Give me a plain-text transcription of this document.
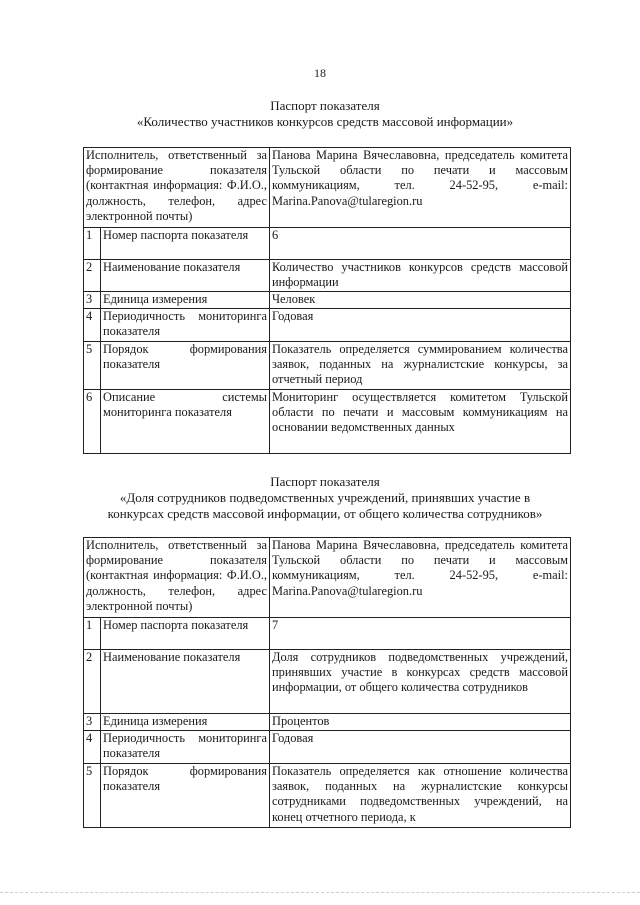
18
Паспорт показателя
«Количество участников конкурсов средств массовой информации»
Исполнитель, ответственный за формирование показателя (контактная информация: Ф.И.О., должность, телефон, адрес электронной почты)		Панова Марина Вячеславовна, председатель комитета Тульской области по печати и массовым коммуникациям, тел. 24-52-95, e-mail: Marina.Panova@tularegion.ru
1	Номер паспорта показателя	6
2	Наименование показателя	Количество участников конкурсов средств массовой информации
3	Единица измерения	Человек
4	Периодичность мониторинга показателя	Годовая
5	Порядок формирования показателя	Показатель определяется суммированием количества заявок, поданных на журналистские конкурсы, за отчетный период
6	Описание системы мониторинга показателя	Мониторинг осуществляется комитетом Тульской области по печати и массовым коммуникациям на основании ведомственных данных
Паспорт показателя
«Доля сотрудников подведомственных учреждений, принявших участие в
конкурсах средств массовой информации, от общего количества сотрудников»
Исполнитель, ответственный за формирование показателя (контактная информация: Ф.И.О., должность, телефон, адрес электронной почты)		Панова Марина Вячеславовна, председатель комитета Тульской области по печати и массовым коммуникациям, тел. 24-52-95, e-mail: Marina.Panova@tularegion.ru
1	Номер паспорта показателя	7
2	Наименование показателя	Доля сотрудников подведомственных учреждений, принявших участие в конкурсах средств массовой информации, от общего количества сотрудников
3	Единица измерения	Процентов
4	Периодичность мониторинга показателя	Годовая
5	Порядок формирования показателя	Показатель определяется как отношение количества заявок, поданных на журналистские конкурсы сотрудниками подведомственных учреждений, на конец отчетного периода, к
